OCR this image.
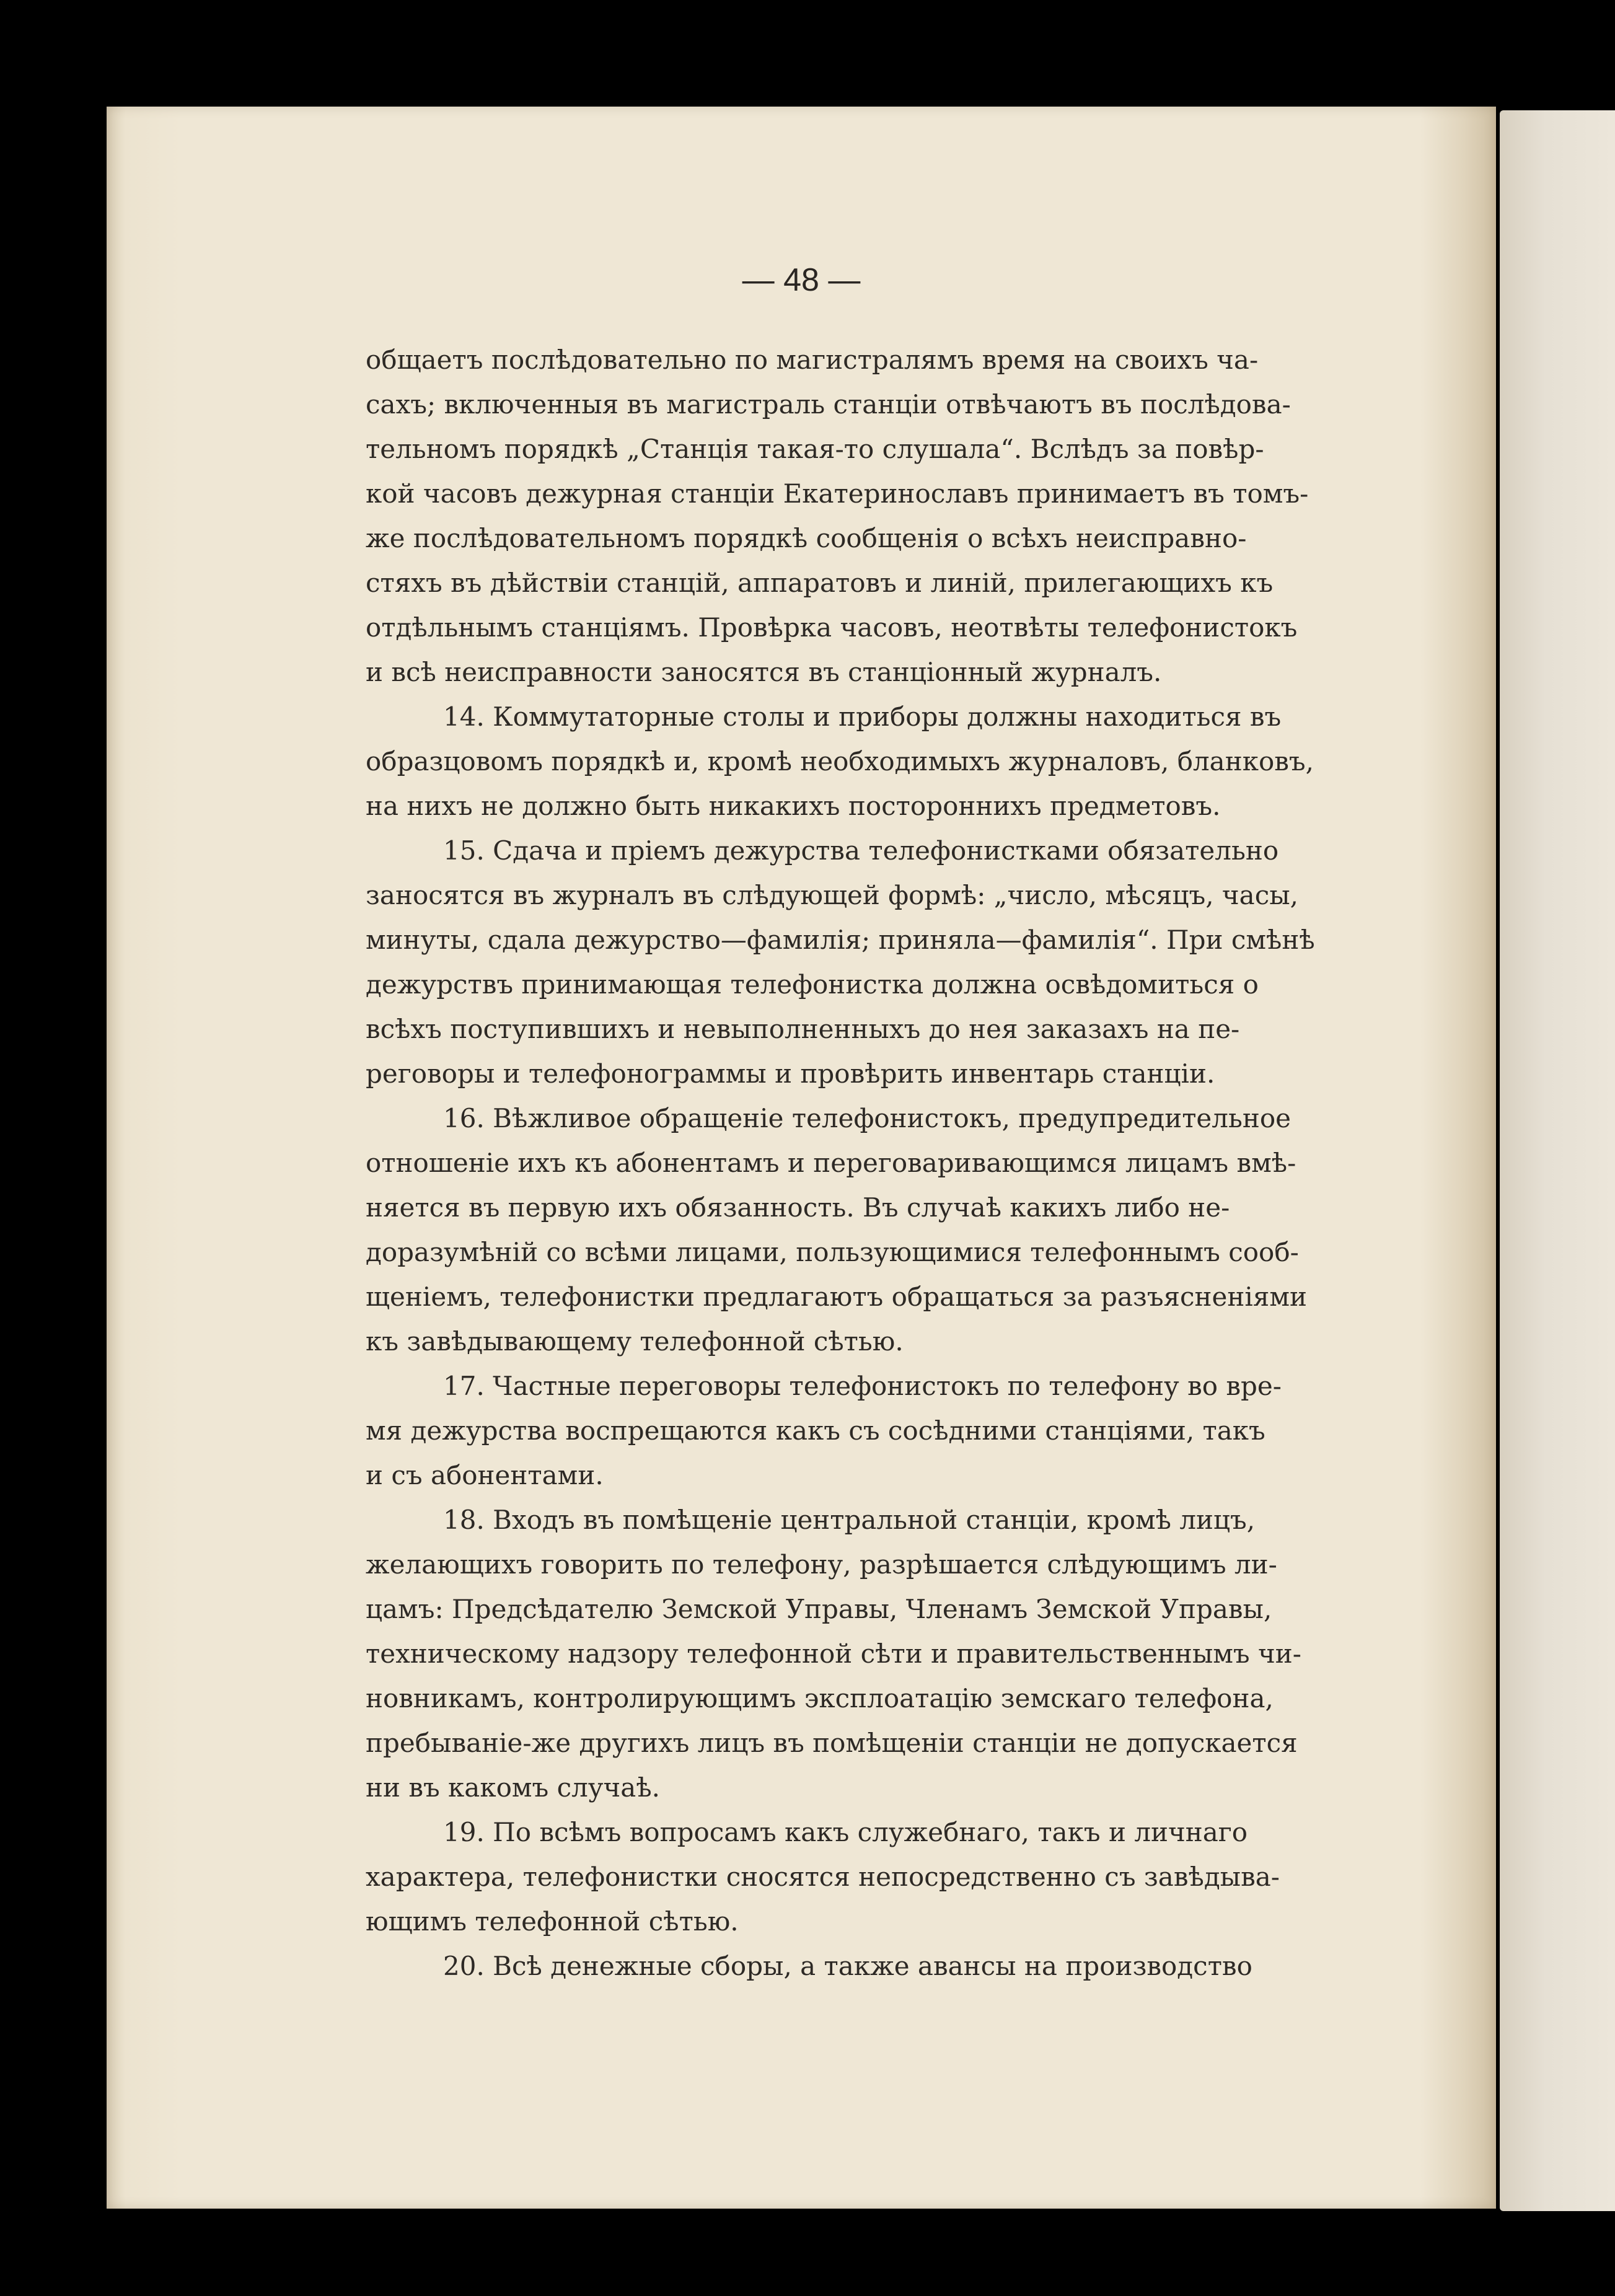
— 48 —
общаетъ послѣдовательно по магистралямъ время на своихъ ча-
сахъ; включенныя въ магистраль станціи отвѣчаютъ въ послѣдова-
тельномъ порядкѣ „Станція такая-то слушала“. Вслѣдъ за повѣр-
кой часовъ дежурная станціи Екатеринославъ принимаетъ въ томъ-
же послѣдовательномъ порядкѣ сообщенія о всѣхъ неисправно-
стяхъ въ дѣйствіи станцій, аппаратовъ и линій, прилегающихъ къ
отдѣльнымъ станціямъ. Провѣрка часовъ, неотвѣты телефонистокъ
и всѣ неисправности заносятся въ станціонный журналъ.
14. Коммутаторные столы и приборы должны находиться въ
образцовомъ порядкѣ и, кромѣ необходимыхъ журналовъ, бланковъ,
на нихъ не должно быть никакихъ постороннихъ предметовъ.
15. Сдача и пріемъ дежурства телефонистками обязательно
заносятся въ журналъ въ слѣдующей формѣ: „число, мѣсяцъ, часы,
минуты, сдала дежурство—фамилія; приняла—фамилія“. При смѣнѣ
дежурствъ принимающая телефонистка должна освѣдомиться о
всѣхъ поступившихъ и невыполненныхъ до нея заказахъ на пе-
реговоры и телефонограммы и провѣрить инвентарь станціи.
16. Вѣжливое обращеніе телефонистокъ, предупредительное
отношеніе ихъ къ абонентамъ и переговаривающимся лицамъ вмѣ-
няется въ первую ихъ обязанность. Въ случаѣ какихъ либо не-
доразумѣній со всѣми лицами, пользующимися телефоннымъ сооб-
щеніемъ, телефонистки предлагаютъ обращаться за разъясненіями
къ завѣдывающему телефонной сѣтью.
17. Частные переговоры телефонистокъ по телефону во вре-
мя дежурства воспрещаются какъ съ сосѣдними станціями, такъ
и съ абонентами.
18. Входъ въ помѣщеніе центральной станціи, кромѣ лицъ,
желающихъ говорить по телефону, разрѣшается слѣдующимъ ли-
цамъ: Предсѣдателю Земской Управы, Членамъ Земской Управы,
техническому надзору телефонной сѣти и правительственнымъ чи-
новникамъ, контролирующимъ эксплоатацію земскаго телефона,
пребываніе-же другихъ лицъ въ помѣщеніи станціи не допускается
ни въ какомъ случаѣ.
19. По всѣмъ вопросамъ какъ служебнаго, такъ и личнаго
характера, телефонистки сносятся непосредственно съ завѣдыва-
ющимъ телефонной сѣтью.
20. Всѣ денежные сборы, а также авансы на производство
